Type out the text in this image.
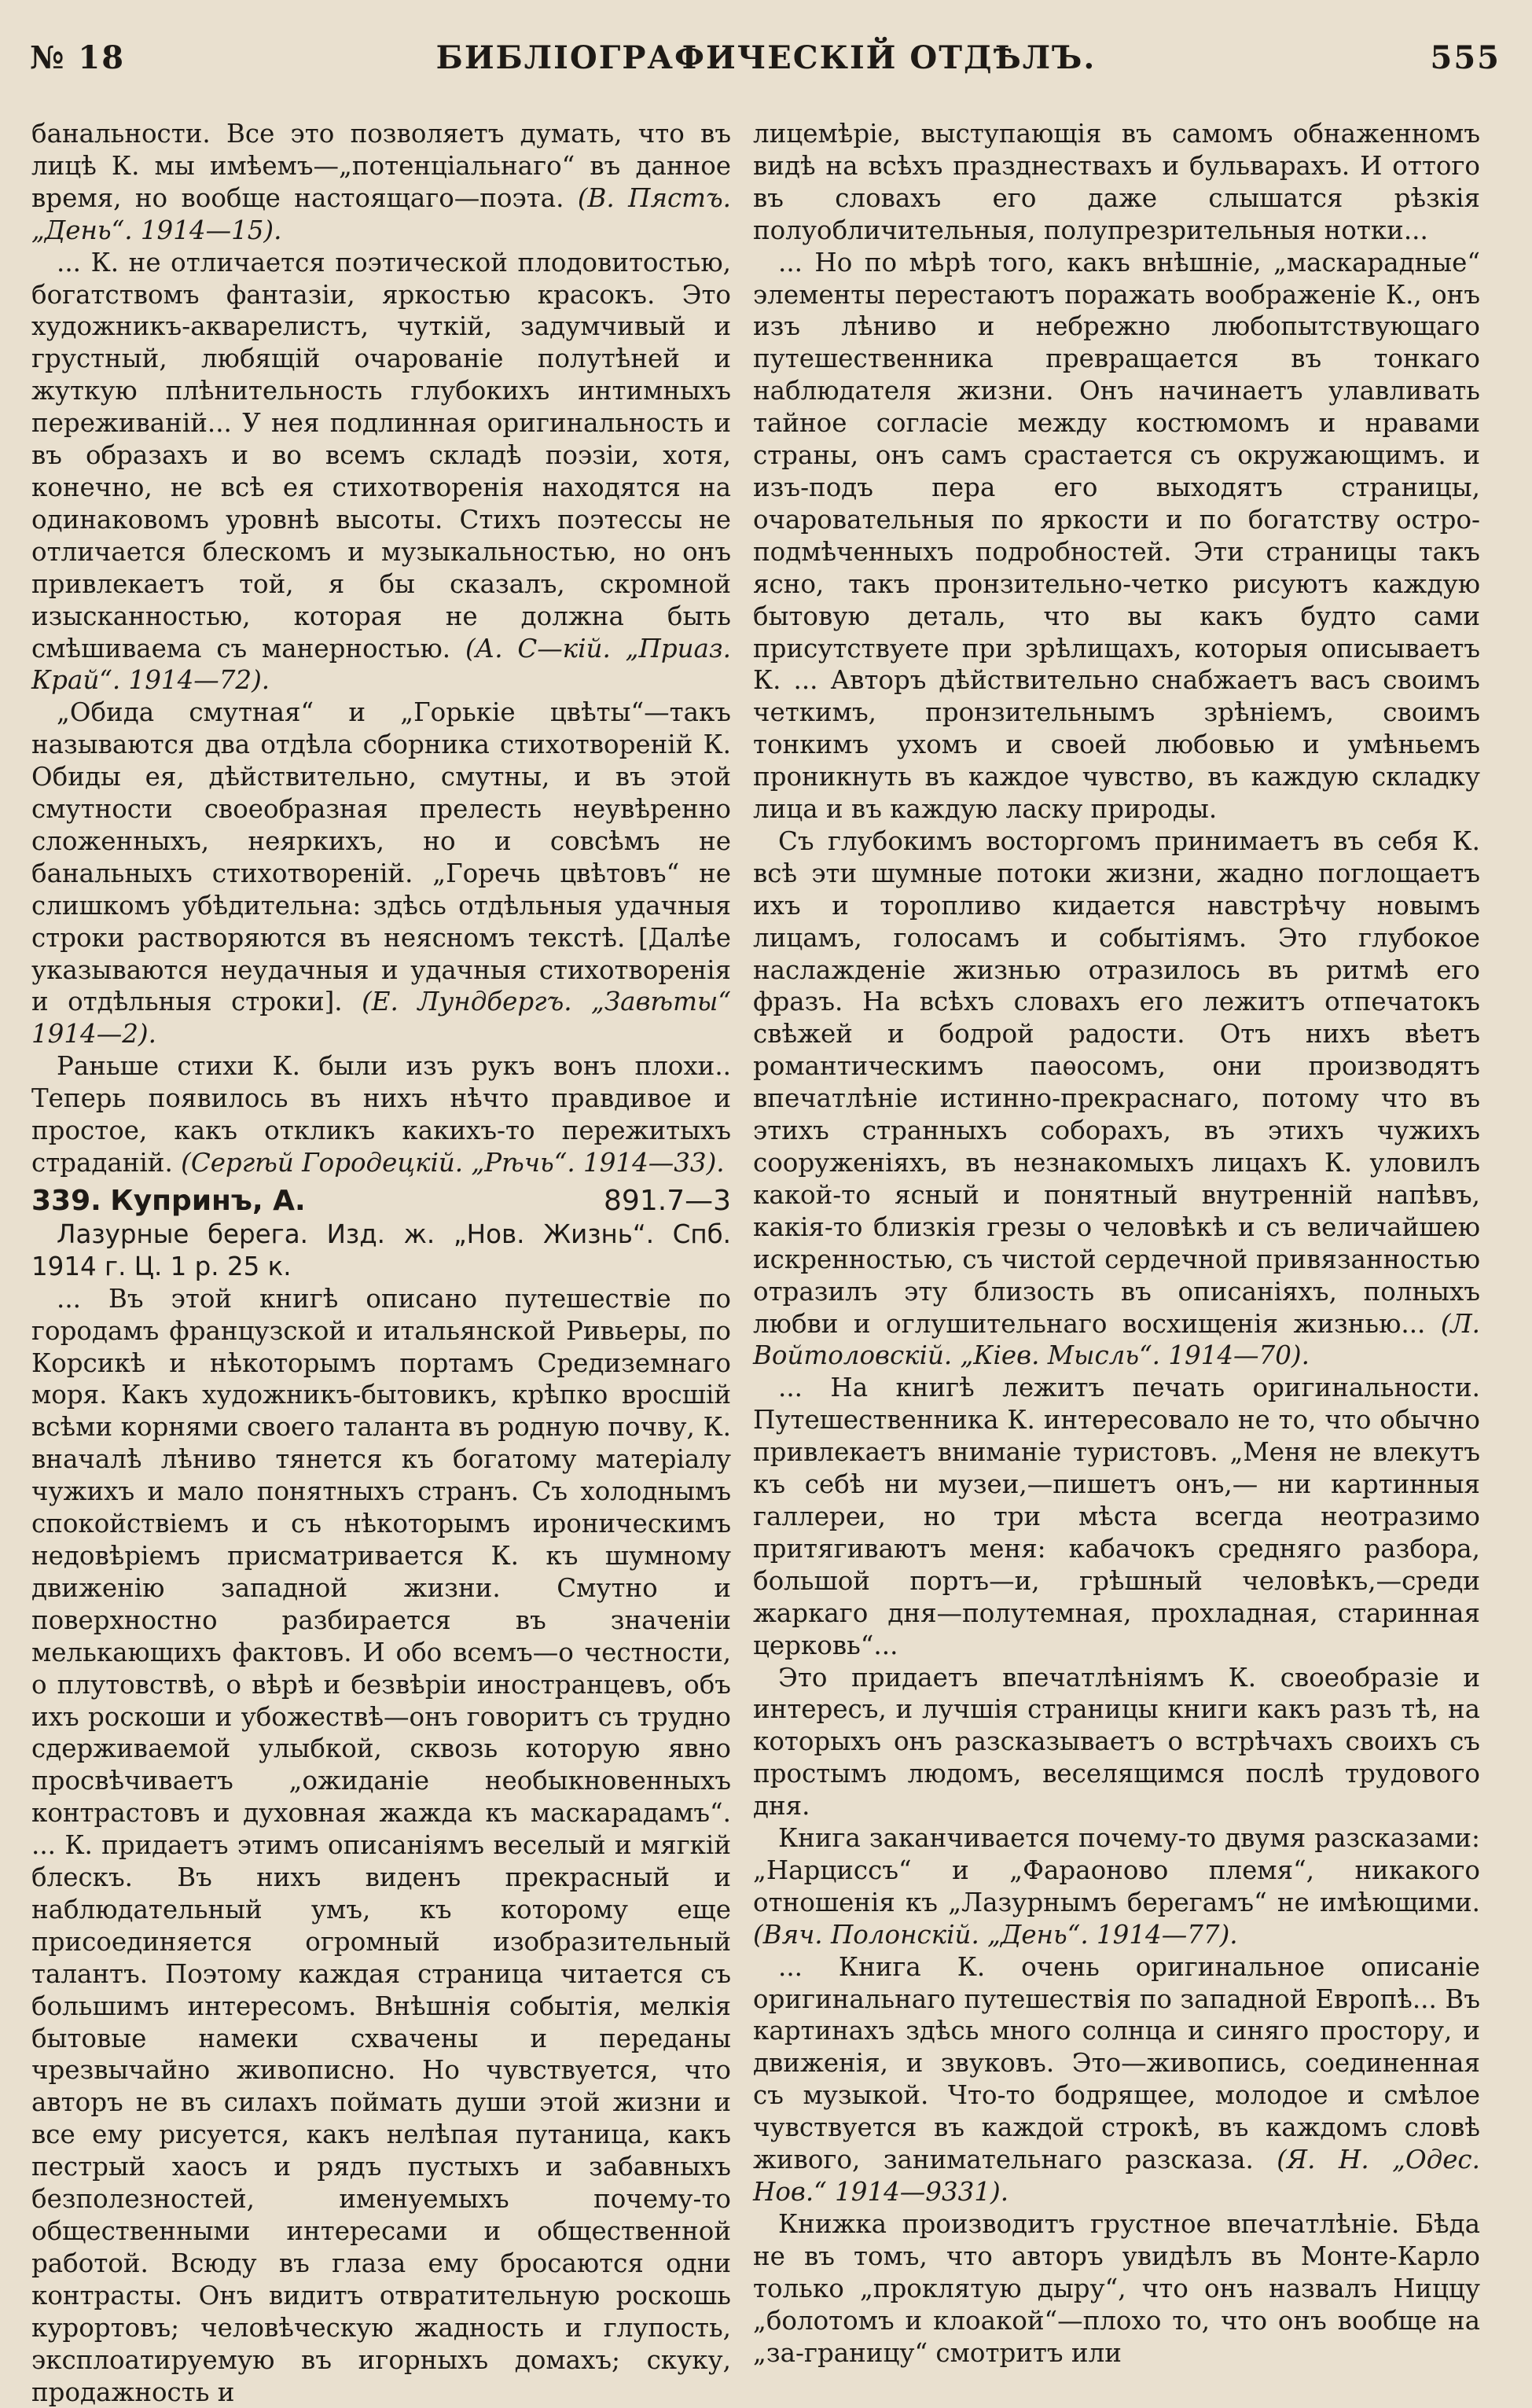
№ 18	БИБЛІОГРАФИЧЕСКІЙ ОТДѢЛЪ.	555

банальности. Все это позволяетъ думать, что въ лицѣ К. мы имѣемъ—„потенціальнаго“ въ данное время, но вообще настоящаго—поэта. (В. Пястъ. „День“. 1914—15).

... К. не отличается поэтической плодовитостью, богатствомъ фантазіи, яркостью красокъ. Это художникъ-акварелистъ, чуткій, задумчивый и грустный, любящій очарованіе полутѣней и жуткую плѣнительность глубокихъ интимныхъ переживаній... У нея подлинная оригинальность и въ образахъ и во всемъ складѣ поэзіи, хотя, конечно, не всѣ ея стихотворенія находятся на одинаковомъ уровнѣ высоты. Стихъ поэтессы не отличается блескомъ и музыкальностью, но онъ привлекаетъ той, я бы сказалъ, скромной изысканностью, которая не должна быть смѣшиваема съ манерностью. (А. С—кій. „Приаз. Край“. 1914—72).

„Обида смутная“ и „Горькіе цвѣты“—такъ называются два отдѣла сборника стихотвореній К. Обиды ея, дѣйствительно, смутны, и въ этой смутности своеобразная прелесть неувѣренно сложенныхъ, неяркихъ, но и совсѣмъ не банальныхъ стихотвореній. „Горечь цвѣтовъ“ не слишкомъ убѣдительна: здѣсь отдѣльныя удачныя строки растворяются въ неясномъ текстѣ. [Далѣе указываются неудачныя и удачныя стихотворенія и отдѣльныя строки]. (Е. Лундбергъ. „Завѣты“ 1914—2).

Раньше стихи К. были изъ рукъ вонъ плохи.. Теперь появилось въ нихъ нѣчто правдивое и простое, какъ откликъ какихъ-то пережитыхъ страданій. (Сергѣй Городецкій. „Рѣчь“. 1914—33).

339. Купринъ, А.	891.7—3

Лазурные берега. Изд. ж. „Нов. Жизнь“. Спб. 1914 г. Ц. 1 р. 25 к.

... Въ этой книгѣ описано путешествіе по городамъ французской и итальянской Ривьеры, по Корсикѣ и нѣкоторымъ портамъ Средиземнаго моря. Какъ художникъ-бытовикъ, крѣпко вросшій всѣми корнями своего таланта въ родную почву, К. вначалѣ лѣниво тянется къ богатому матеріалу чужихъ и мало понятныхъ странъ. Съ холоднымъ спокойствіемъ и съ нѣкоторымъ ироническимъ недовѣріемъ присматривается К. къ шумному движенію западной жизни. Смутно и поверхностно разбирается въ значеніи мелькающихъ фактовъ. И обо всемъ—о честности, о плутовствѣ, о вѣрѣ и безвѣріи иностранцевъ, объ ихъ роскоши и убожествѣ—онъ говоритъ съ трудно сдерживаемой улыбкой, сквозь которую явно просвѣчиваетъ „ожиданіе необыкновенныхъ контрастовъ и духовная жажда къ маскарадамъ“. ... К. придаетъ этимъ описаніямъ веселый и мягкій блескъ. Въ нихъ виденъ прекрасный и наблюдательный умъ, къ которому еще присоединяется огромный изобразительный талантъ. Поэтому каждая страница читается съ большимъ интересомъ. Внѣшнія событія, мелкія бытовые намеки схвачены и переданы чрезвычайно живописно. Но чувствуется, что авторъ не въ силахъ поймать души этой жизни и все ему рисуется, какъ нелѣпая путаница, какъ пестрый хаосъ и рядъ пустыхъ и забавныхъ безполезностей, именуемыхъ почему-то общественными интересами и общественной работой. Всюду въ глаза ему бросаются одни контрасты. Онъ видитъ отвратительную роскошь курортовъ; человѣческую жадность и глупость, эксплоатируемую въ игорныхъ домахъ; скуку, продажность и

лицемѣріе, выступающія въ самомъ обнаженномъ видѣ на всѣхъ празднествахъ и бульварахъ. И оттого въ словахъ его даже слышатся рѣзкія полуобличительныя, полупрезрительныя нотки...

... Но по мѣрѣ того, какъ внѣшніе, „маскарадные“ элементы перестаютъ поражать воображеніе К., онъ изъ лѣниво и небрежно любопытствующаго путешественника превращается въ тонкаго наблюдателя жизни. Онъ начинаетъ улавливать тайное согласіе между костюмомъ и нравами страны, онъ самъ срастается съ окружающимъ. и изъ-подъ пера его выходятъ страницы, очаровательныя по яркости и по богатству остро-подмѣченныхъ подробностей. Эти страницы такъ ясно, такъ пронзительно-четко рисуютъ каждую бытовую деталь, что вы какъ будто сами присутствуете при зрѣлищахъ, которыя описываетъ К. ... Авторъ дѣйствительно снабжаетъ васъ своимъ четкимъ, пронзительнымъ зрѣніемъ, своимъ тонкимъ ухомъ и своей любовью и умѣньемъ проникнуть въ каждое чувство, въ каждую складку лица и въ каждую ласку природы.

Съ глубокимъ восторгомъ принимаетъ въ себя К. всѣ эти шумные потоки жизни, жадно поглощаетъ ихъ и торопливо кидается навстрѣчу новымъ лицамъ, голосамъ и событіямъ. Это глубокое наслажденіе жизнью отразилось въ ритмѣ его фразъ. На всѣхъ словахъ его лежитъ отпечатокъ свѣжей и бодрой радости. Отъ нихъ вѣетъ романтическимъ паѳосомъ, они производятъ впечатлѣніе истинно-прекраснаго, потому что въ этихъ странныхъ соборахъ, въ этихъ чужихъ сооруженіяхъ, въ незнакомыхъ лицахъ К. уловилъ какой-то ясный и понятный внутренній напѣвъ, какія-то близкія грезы о человѣкѣ и съ величайшею искренностью, съ чистой сердечной привязанностью отразилъ эту близость въ описаніяхъ, полныхъ любви и оглушительнаго восхищенія жизнью... (Л. Войтоловскій. „Кіев. Мысль“. 1914—70).

... На книгѣ лежитъ печать оригинальности. Путешественника К. интересовало не то, что обычно привлекаетъ вниманіе туристовъ. „Меня не влекутъ къ себѣ ни музеи,—пишетъ онъ,— ни картинныя галлереи, но три мѣста всегда неотразимо притягиваютъ меня: кабачокъ средняго разбора, большой портъ—и, грѣшный человѣкъ,—среди жаркаго дня—полутемная, прохладная, старинная церковь“...

Это придаетъ впечатлѣніямъ К. своеобразіе и интересъ, и лучшія страницы книги какъ разъ тѣ, на которыхъ онъ разсказываетъ о встрѣчахъ своихъ съ простымъ людомъ, веселящимся послѣ трудового дня.

Книга заканчивается почему-то двумя разсказами: „Нарциссъ“ и „Фараоново племя“, никакого отношенія къ „Лазурнымъ берегамъ“ не имѣющими. (Вяч. Полонскій. „День“. 1914—77).

... Книга К. очень оригинальное описаніе оригинальнаго путешествія по западной Европѣ... Въ картинахъ здѣсь много солнца и синяго простору, и движенія, и звуковъ. Это—живопись, соединенная съ музыкой. Что-то бодрящее, молодое и смѣлое чувствуется въ каждой строкѣ, въ каждомъ словѣ живого, занимательнаго разсказа. (Я. Н. „Одес. Нов.“ 1914—9331).

Книжка производитъ грустное впечатлѣніе. Бѣда не въ томъ, что авторъ увидѣлъ въ Монте-Карло только „проклятую дыру“, что онъ назвалъ Ниццу „болотомъ и клоакой“—плохо то, что онъ вообще на „за-границу“ смотритъ или
